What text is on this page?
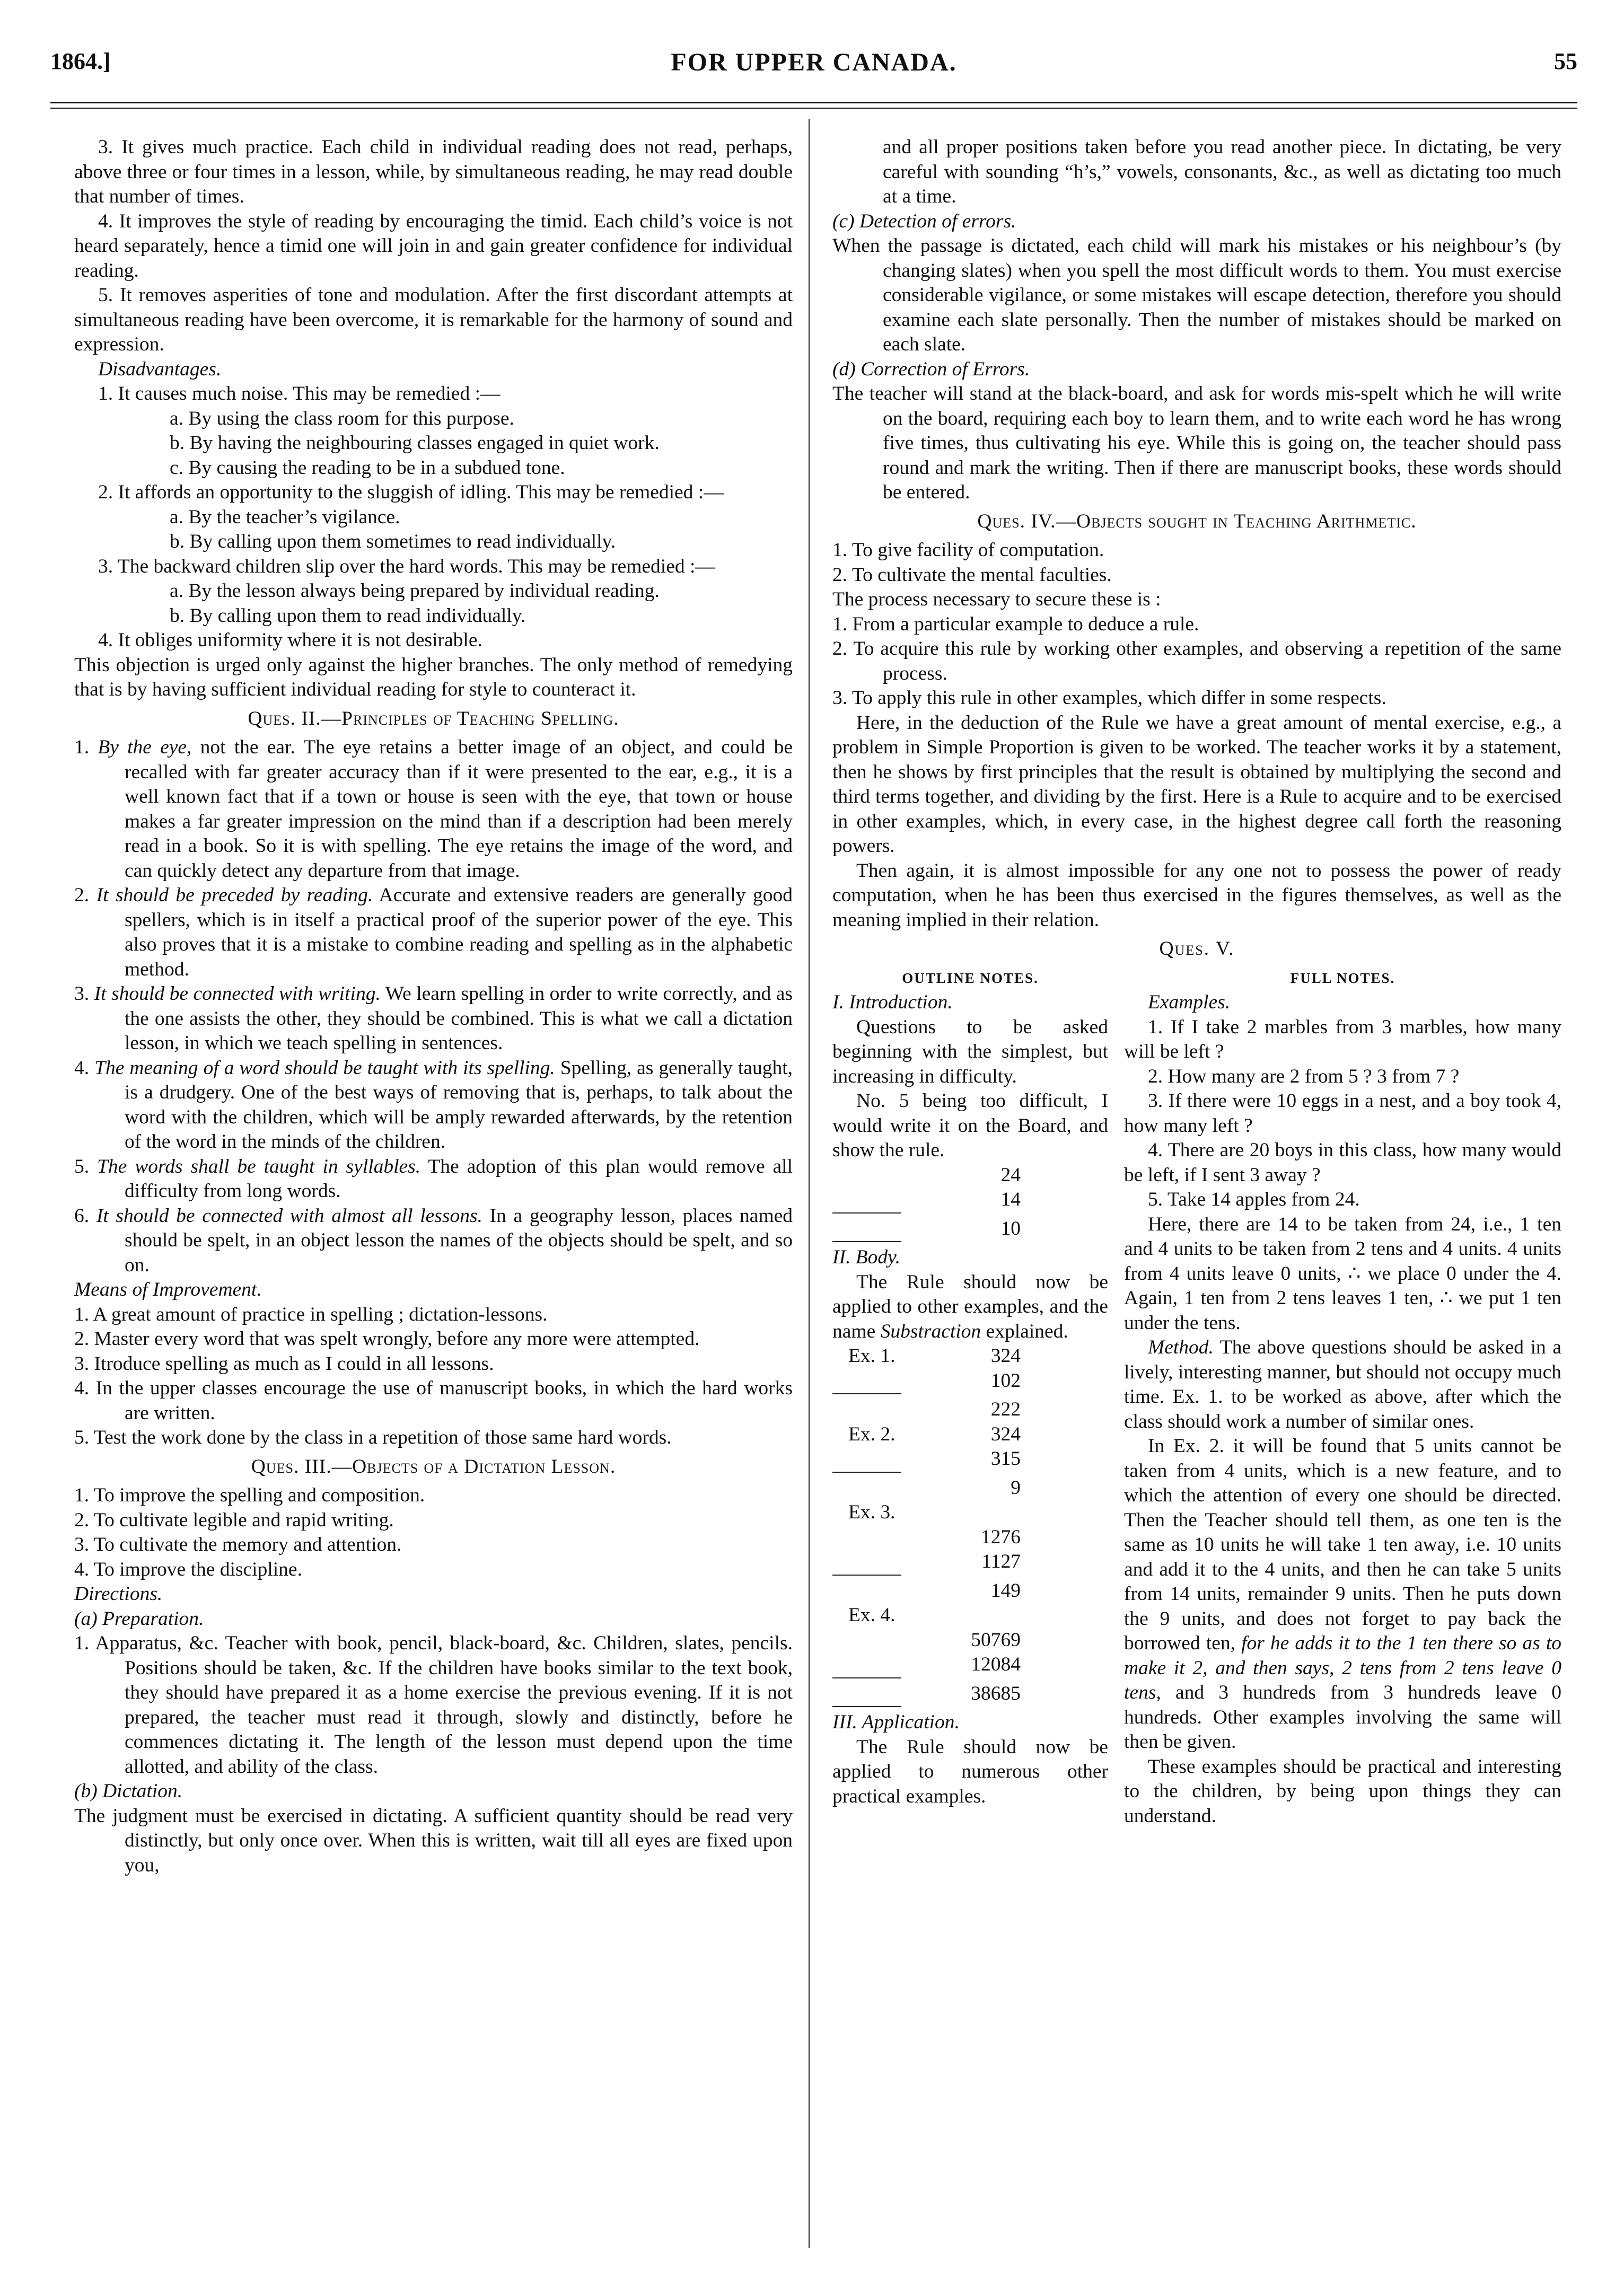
1864.]	FOR UPPER CANADA.	55

3. It gives much practice. Each child in individual reading does not read, perhaps, above three or four times in a lesson, while, by simultaneous reading, he may read double that number of times.

4. It improves the style of reading by encouraging the timid. Each child’s voice is not heard separately, hence a timid one will join in and gain greater confidence for individual reading.

5. It removes asperities of tone and modulation. After the first discordant attempts at simultaneous reading have been overcome, it is remarkable for the harmony of sound and expression.

Disadvantages.

1. It causes much noise. This may be remedied :—

a. By using the class room for this purpose.

b. By having the neighbouring classes engaged in quiet work.

c. By causing the reading to be in a subdued tone.

2. It affords an opportunity to the sluggish of idling. This may be remedied :—

a. By the teacher’s vigilance.

b. By calling upon them sometimes to read individually.

3. The backward children slip over the hard words. This may be remedied :—

a. By the lesson always being prepared by individual reading.

b. By calling upon them to read individually.

4. It obliges uniformity where it is not desirable.

This objection is urged only against the higher branches. The only method of remedying that is by having sufficient individual reading for style to counteract it.

Ques. II.—Principles of Teaching Spelling.

1. By the eye, not the ear. The eye retains a better image of an object, and could be recalled with far greater accuracy than if it were presented to the ear, e.g., it is a well known fact that if a town or house is seen with the eye, that town or house makes a far greater impression on the mind than if a description had been merely read in a book. So it is with spelling. The eye retains the image of the word, and can quickly detect any departure from that image.

2. It should be preceded by reading. Accurate and extensive readers are generally good spellers, which is in itself a practical proof of the superior power of the eye. This also proves that it is a mistake to combine reading and spelling as in the alphabetic method.

3. It should be connected with writing. We learn spelling in order to write correctly, and as the one assists the other, they should be combined. This is what we call a dictation lesson, in which we teach spelling in sentences.

4. The meaning of a word should be taught with its spelling. Spelling, as generally taught, is a drudgery. One of the best ways of removing that is, perhaps, to talk about the word with the children, which will be amply rewarded afterwards, by the retention of the word in the minds of the children.

5. The words shall be taught in syllables. The adoption of this plan would remove all difficulty from long words.

6. It should be connected with almost all lessons. In a geography lesson, places named should be spelt, in an object lesson the names of the objects should be spelt, and so on.

Means of Improvement.

1. A great amount of practice in spelling ; dictation-lessons.

2. Master every word that was spelt wrongly, before any more were attempted.

3. Itroduce spelling as much as I could in all lessons.

4. In the upper classes encourage the use of manuscript books, in which the hard works are written.

5. Test the work done by the class in a repetition of those same hard words.

Ques. III.—Objects of a Dictation Lesson.

1. To improve the spelling and composition.

2. To cultivate legible and rapid writing.

3. To cultivate the memory and attention.

4. To improve the discipline.

Directions.

(a) Preparation.

1. Apparatus, &c. Teacher with book, pencil, black-board, &c. Children, slates, pencils. Positions should be taken, &c. If the children have books similar to the text book, they should have prepared it as a home exercise the previous evening. If it is not prepared, the teacher must read it through, slowly and distinctly, before he commences dictating it. The length of the lesson must depend upon the time allotted, and ability of the class.

(b) Dictation.

The judgment must be exercised in dictating. A sufficient quantity should be read very distinctly, but only once over. When this is written, wait till all eyes are fixed upon you,

and all proper positions taken before you read another piece. In dictating, be very careful with sounding “h’s,” vowels, consonants, &c., as well as dictating too much at a time.

(c) Detection of errors.

When the passage is dictated, each child will mark his mistakes or his neighbour’s (by changing slates) when you spell the most difficult words to them. You must exercise considerable vigilance, or some mistakes will escape detection, therefore you should examine each slate personally. Then the number of mistakes should be marked on each slate.

(d) Correction of Errors.

The teacher will stand at the black-board, and ask for words mis-spelt which he will write on the board, requiring each boy to learn them, and to write each word he has wrong five times, thus cultivating his eye. While this is going on, the teacher should pass round and mark the writing. Then if there are manuscript books, these words should be entered.

Ques. IV.—Objects sought in Teaching Arithmetic.

1. To give facility of computation.

2. To cultivate the mental faculties.

The process necessary to secure these is :

1. From a particular example to deduce a rule.

2. To acquire this rule by working other examples, and observing a repetition of the same process.

3. To apply this rule in other examples, which differ in some respects.

Here, in the deduction of the Rule we have a great amount of mental exercise, e.g., a problem in Simple Proportion is given to be worked. The teacher works it by a statement, then he shows by first principles that the result is obtained by multiplying the second and third terms together, and dividing by the first. Here is a Rule to acquire and to be exercised in other examples, which, in every case, in the highest degree call forth the reasoning powers.

Then again, it is almost impossible for any one not to possess the power of ready computation, when he has been thus exercised in the figures themselves, as well as the meaning implied in their relation.

Ques. V.

OUTLINE NOTES.
I. Introduction.

Questions to be asked beginning with the simplest, but increasing in difficulty.

No. 5 being too difficult, I would write it on the Board, and show the rule.

24
14
10
II. Body.

The Rule should now be applied to other examples, and the name Substraction explained.

Ex. 1.	324
102
222
Ex. 2.	324
315
9
Ex. 3.
1276
1127
149
Ex. 4.
50769
12084
38685
III. Application.

The Rule should now be applied to numerous other practical examples.

FULL NOTES.
Examples.

1. If I take 2 marbles from 3 marbles, how many will be left ?

2. How many are 2 from 5 ? 3 from 7 ?

3. If there were 10 eggs in a nest, and a boy took 4, how many left ?

4. There are 20 boys in this class, how many would be left, if I sent 3 away ?

5. Take 14 apples from 24.

Here, there are 14 to be taken from 24, i.e., 1 ten and 4 units to be taken from 2 tens and 4 units. 4 units from 4 units leave 0 units, ∴ we place 0 under the 4. Again, 1 ten from 2 tens leaves 1 ten, ∴ we put 1 ten under the tens.

Method. The above questions should be asked in a lively, interesting manner, but should not occupy much time. Ex. 1. to be worked as above, after which the class should work a number of similar ones.

In Ex. 2. it will be found that 5 units cannot be taken from 4 units, which is a new feature, and to which the attention of every one should be directed. Then the Teacher should tell them, as one ten is the same as 10 units he will take 1 ten away, i.e. 10 units and add it to the 4 units, and then he can take 5 units from 14 units, remainder 9 units. Then he puts down the 9 units, and does not forget to pay back the borrowed ten, for he adds it to the 1 ten there so as to make it 2, and then says, 2 tens from 2 tens leave 0 tens, and 3 hundreds from 3 hundreds leave 0 hundreds. Other examples involving the same will then be given.

These examples should be practical and interesting to the children, by being upon things they can understand.
